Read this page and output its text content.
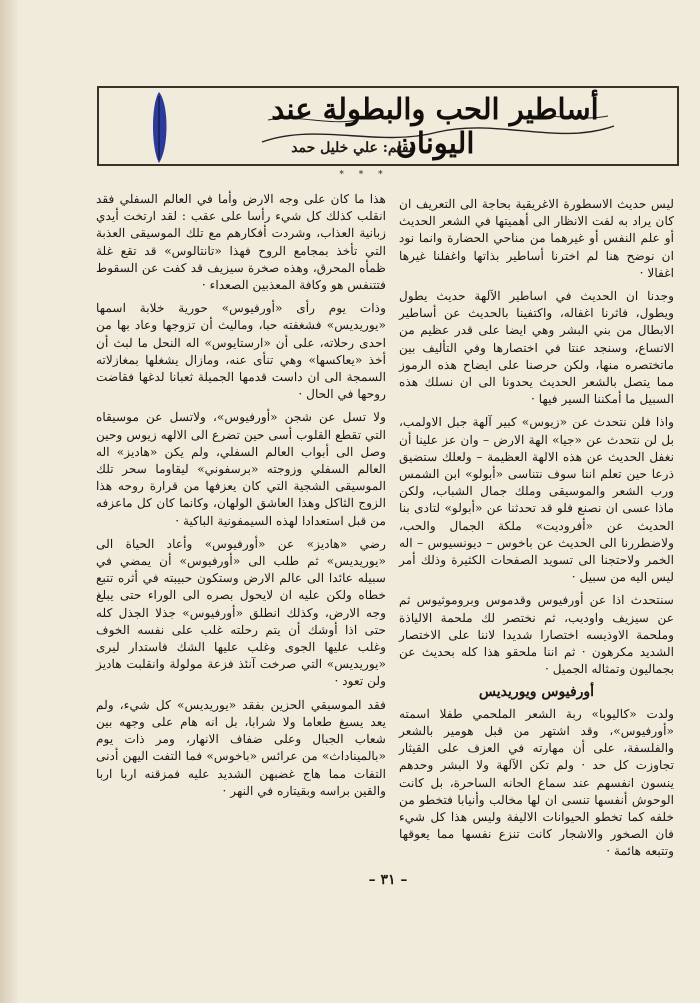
أساطير الحب والبطولة عند اليونان
بقلم: علي خليل حمد
* * *

ليس حديث الاسطورة الاغريقية بحاجة الى التعريف ان كان يراد به لفت الانظار الى أهميتها في الشعر الحديث أو علم النفس أو غيرهما من مناحي الحضارة وانما نود ان نوضح هنا لم اخترنا أساطير بذاتها واغفلنا غيرها اغفالا ·

وجدنا ان الحديث في اساطير الآلهة حديث يطول ويطول، فاثرنا اغفاله، واكتفينا بالحديث عن أساطير الابطال من بني البشر وهي ايضا على قدر عظيم من الاتساع، وسنجد عنتا في اختصارها وفي التأليف بين ماتختصره منها، ولكن حرصنا على ايضاح هذه الرموز مما يتصل بالشعر الحديث يحدونا الى ان نسلك هذه السبيل ما أمكننا السير فيها ·

واذا فلن نتحدث عن «زيوس» كبير آلهة جبل الاولمب، بل لن نتحدث عن «جيا» الهة الارض – وان عز علينا أن نغفل الحديث عن هذه الالهة العظيمة – ولعلك ستضيق ذرعا حين تعلم اننا سوف نتناسى «أبولو» ابن الشمس ورب الشعر والموسيقى وملك جمال الشباب، ولكن ماذا عسى ان نصنع فلو قد تحدثنا عن «أبولو» لتادى بنا الحديث عن «أفروديت» ملكة الجمال والحب، ولاضطررنا الى الحديث عن باخوس – ديونسيوس – اله الخمر ولاحتجنا الى تسويد الصفحات الكثيرة وذلك أمر ليس اليه من سبيل ·

سنتحدث اذا عن أورفيوس وقدموس وبروموثيوس ثم عن سيزيف واوديب، ثم نختصر لك ملحمة الالياذة وملحمة الاوذيسه اختصارا شديدا لاننا على الاختصار الشديد مكرهون · ثم اننا ملحقو هذا كله بحديث عن بجماليون وتمثاله الجميل ·

أورفيوس ويوريديس

ولدت «كاليوبا» ربة الشعر الملحمي طفلا اسمته «أورفيوس»، وقد اشتهر من قبل هومير بالشعر والفلسفة، على أن مهارته في العزف على القيثار تجاوزت كل حد · ولم تكن الآلهة ولا البشر وحدهم ينسون انفسهم عند سماع الحانه الساحرة، بل كانت الوحوش أنفسها تنسى ان لها مخالب وأنيابا فتخطو من خلفه كما تخطو الحيوانات الاليفة وليس هذا كل شيء فان الصخور والاشجار كانت تنزع نفسها مما يعوقها وتتبعه هائمة ·

هذا ما كان على وجه الارض وأما في العالم السفلي فقد انقلب كذلك كل شيء رأسا على عقب : لقد ارتخت أيدي زبانية العذاب، وشردت أفكارهم مع تلك الموسيقى العذبة التي تأخذ بمجامع الروح فهذا «تانتالوس» قد تقع غلة ظمأه المحرق، وهذه صخرة سيزيف قد كفت عن السقوط فتتنفس هو وكافة المعذبين الصعداء ·

وذات يوم رأى «أورفيوس» حورية خلابة اسمها «يوريديس» فشغفته حبا، وماليث أن تزوجها وعاد بها من احدى رحلاته، على أن «ارستايوس» اله النحل ما لبث أن أخذ «يعاكسها» وهي تنأى عنه، ومازال يشغلها بمغازلاته السمجة الى ان داست قدمها الجميلة ثعبانا لدغها فقاضت روحها في الحال ·

ولا تسل عن شجن «أورفيوس»، ولاتسل عن موسيقاه التي تقطع القلوب أسى حين تضرع الى الالهه زيوس وحين وصل الى أبواب العالم السفلي، ولم يكن «هاديز» اله العالم السفلي وزوجته «برسفوني» ليقاوما سحر تلك الموسيقى الشجية التي كان يعزفها من قرارة روحه هذا الزوج الثاكل وهذا العاشق الولهان، وكانما كان كل ماعزفه من قبل استعدادا لهذه السيمفونية الباكية ·

رضي «هاديز» عن «أورفيوس» وأعاد الحياة الى «يوريديس» ثم طلب الى «أورفيوس» أن يمضي في سبيله عائدا الى عالم الارض وستكون حبيبته في أثره تتبع خطاه ولكن عليه ان لايحول بصره الى الوراء حتى يبلغ وجه الارض، وكذلك انطلق «أورفيوس» جذلا الجذل كله حتى اذا أوشك أن يتم رحلته غلب على نفسه الخوف وغلب عليها الجوى وغلب عليها الشك فاستدار ليرى «يوريديس» التي صرخت آنئذ فزعة مولولة وانقلبت هاديز ولن تعود ·

فقد الموسيقي الحزين بفقد «يوريديس» كل شيء، ولم يعد يسيغ طعاما ولا شرابا، بل انه هام على وجهه بين شعاب الجبال وعلى ضفاف الانهار، ومر ذات يوم «بالميناداث» من عرائس «باخوس» فما التفت اليهن أدنى التفات مما هاج غضبهن الشديد عليه فمزقنه اربا اربا والقين براسه وبقيتاره في النهر ·

– ٣١ –
